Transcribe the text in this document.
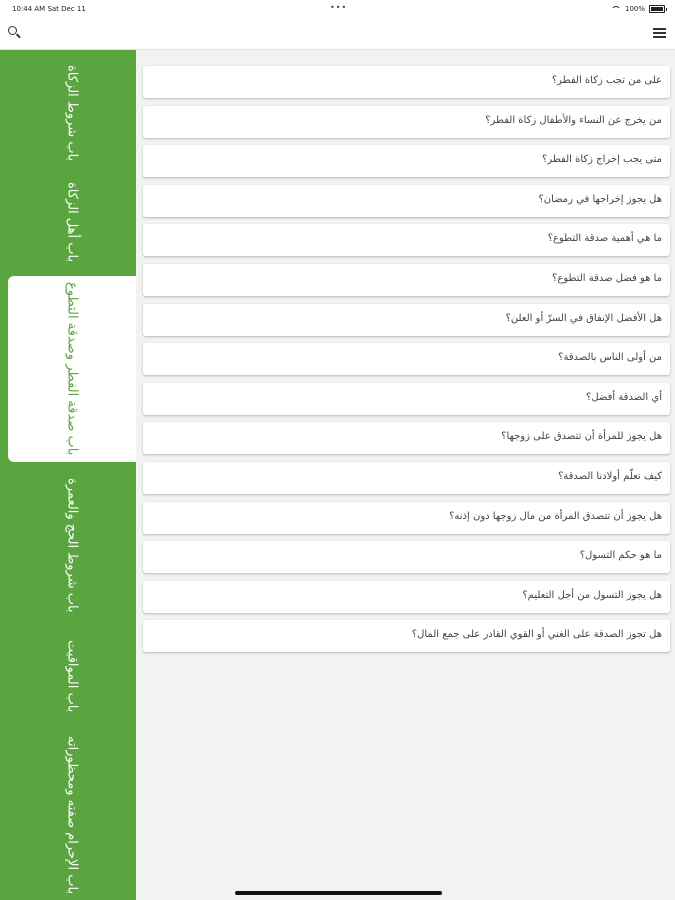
10:44 AM Sat Dec 11	•••	100%
باب شروط الزكاة
باب أهل الزكاة
باب صدقة الفطر وصدقة التطوع
باب شروط الحج والعمرة
باب المواقيت
باب الإحرام صفته ومحظوراته
على من تجب زكاة الفطر؟
من يخرج عن النساء والأطفال زكاة الفطر؟
متى يجب إخراج زكاة الفطر؟
هل يجوز إخراجها في رمضان؟
ما هي أهمية صدقة التطوع؟
ما هو فضل صدقة التطوع؟
هل الأفضل الإنفاق في السرّ أو العلن؟
من أولى الناس بالصدقة؟
أي الصدقة أفضل؟
هل يجوز للمرأة أن تتصدق على زوجها؟
كيف نعلّم أولادنا الصدقة؟
هل يجوز أن تتصدق المرأة من مال زوجها دون إذنه؟
ما هو حكم التسول؟
هل يجوز التسول من أجل التعليم؟
هل تجوز الصدقة على الغني أو القوي القادر على جمع المال؟
